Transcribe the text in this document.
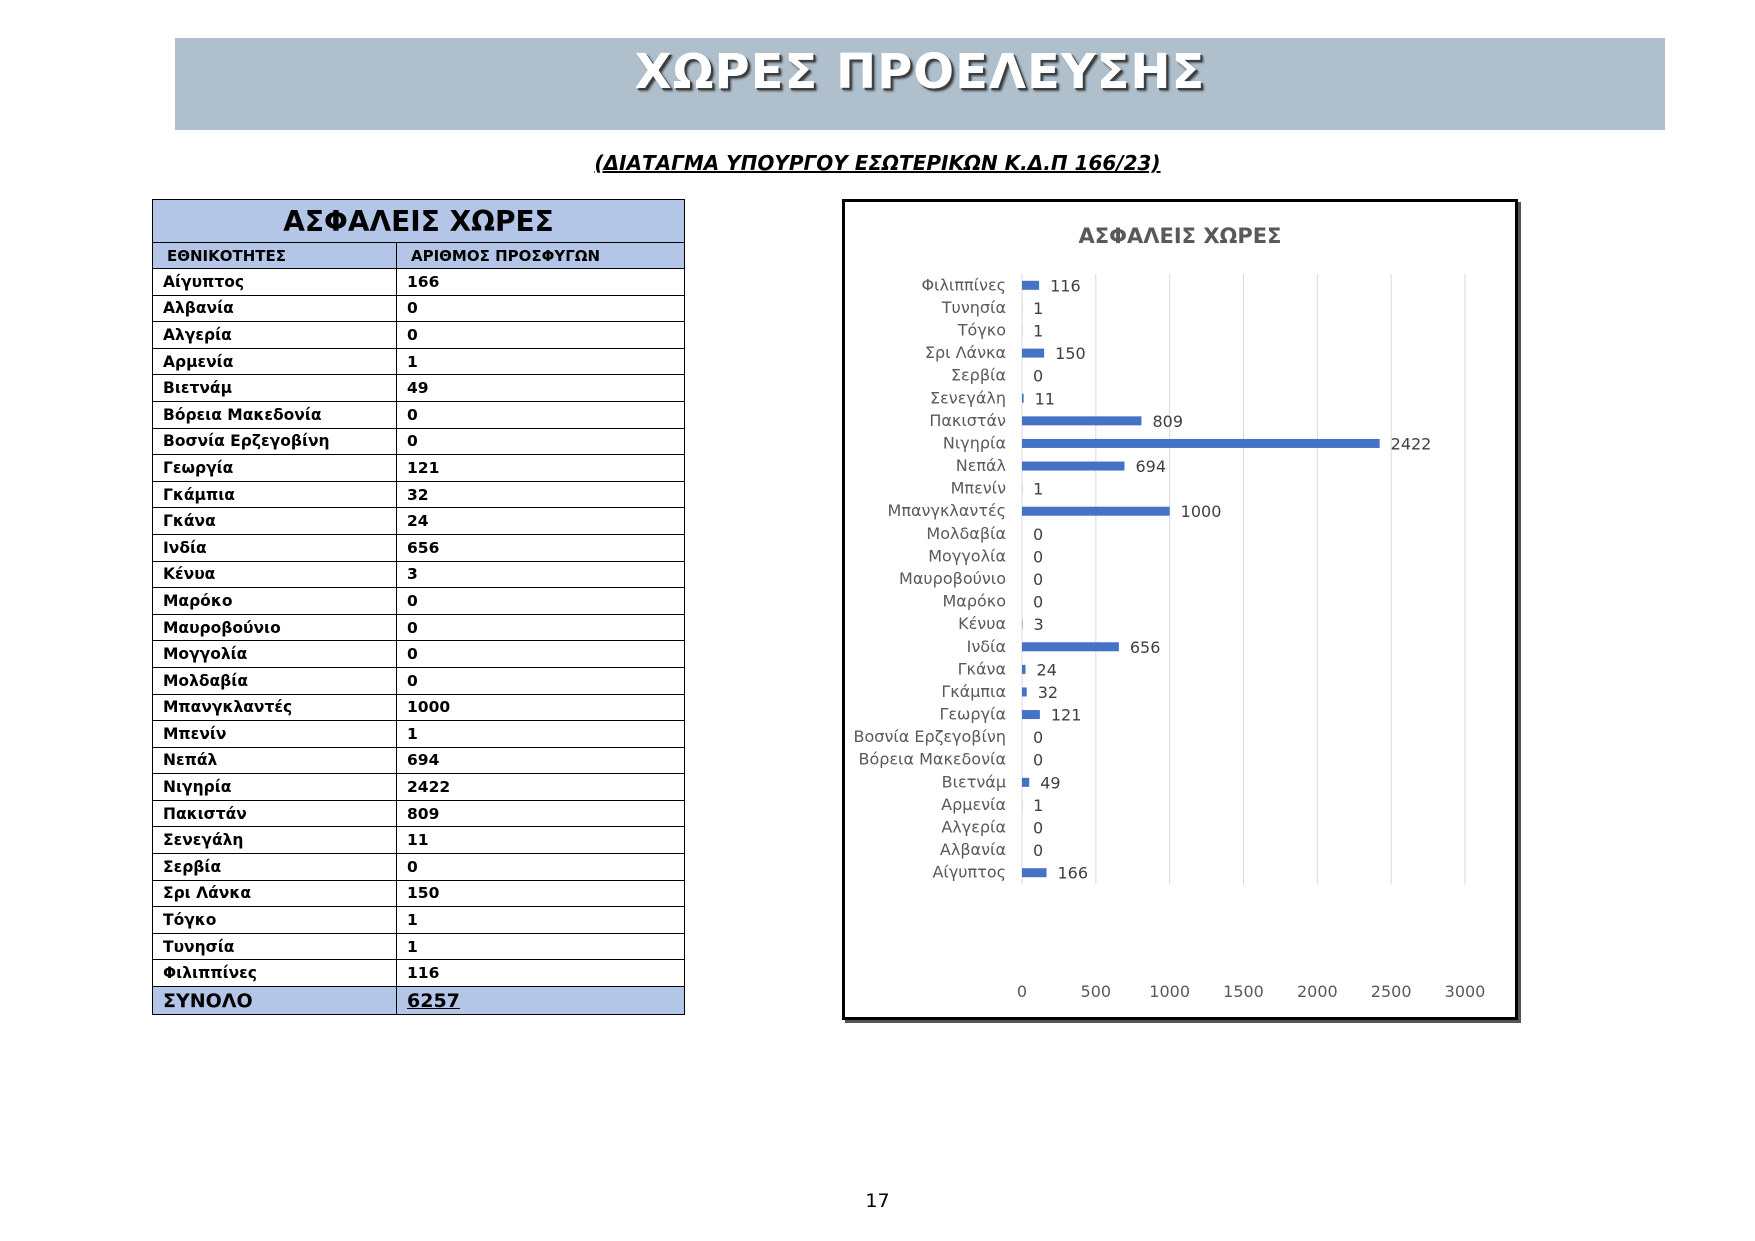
ΧΩΡΕΣ ΠΡΟΕΛΕΥΣΗΣ
(ΔΙΑΤΑΓΜΑ ΥΠΟΥΡΓΟΥ ΕΣΩΤΕΡΙΚΩΝ Κ.Δ.Π 166/23)
ΑΣΦΑΛΕΙΣ ΧΩΡΕΣ	
ΕΘΝΙΚΟΤΗΤΕΣ	ΑΡΙΘΜΟΣ ΠΡΟΣΦΥΓΩΝ
Αίγυπτος	166
Αλβανία	0
Αλγερία	0
Αρμενία	1
Βιετνάμ	49
Βόρεια Μακεδονία	0
Βοσνία Ερζεγοβίνη	0
Γεωργία	121
Γκάμπια	32
Γκάνα	24
Ινδία	656
Κένυα	3
Μαρόκο	0
Μαυροβούνιο	0
Μογγολία	0
Μολδαβία	0
Μπανγκλαντές	1000
Μπενίν	1
Νεπάλ	694
Νιγηρία	2422
Πακιστάν	809
Σενεγάλη	11
Σερβία	0
Σρι Λάνκα	150
Τόγκο	1
Τυνησία	1
Φιλιππίνες	116
ΣΥΝΟΛΟ	6257
ΑΣΦΑΛΕΙΣ ΧΩΡΕΣ
Αίγυπτος
Αλβανία
Αλγερία
Αρμενία
Βιετνάμ
Βόρεια Μακεδονία
Βοσνία Ερζεγοβίνη
Γεωργία
Γκάμπια
Γκάνα
Ινδία
Κένυα
Μαρόκο
Μαυροβούνιο
Μογγολία
Μολδαβία
Μπανγκλαντές
Μπενίν
Νεπάλ
Νιγηρία
Πακιστάν
Σενεγάλη
Σερβία
Σρι Λάνκα
Τόγκο
Τυνησία
Φιλιππίνες
166
0
0
1
49
0
0
121
32
24
656
3
0
0
0
0
1000
1
694
2422
809
11
0
150
1
1
116
0	500 1000 1500 2000 2500 3000
17
